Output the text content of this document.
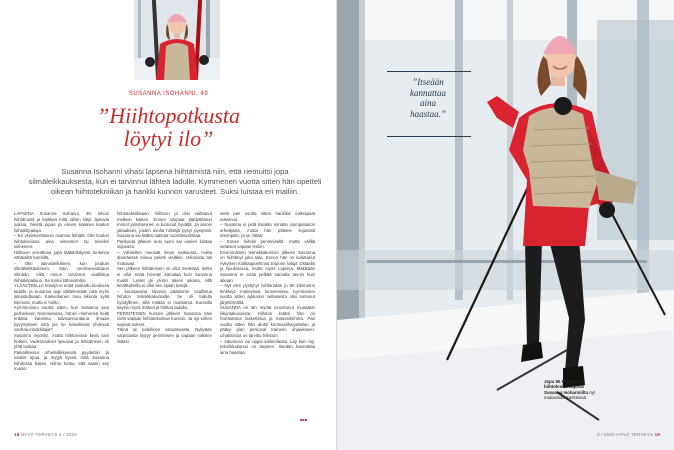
SUSANNA ISOHANNI, 49
”Hiihtopotkusta
löytyi ilo”
Susanna Isohanni vihasi lapsena hiihtämistä niin, että riemuitsi jopa silmäleikkauksesta, kun ei tarvinnut lähteä ladulle. Kymmenen vuotta sitten hän opetteli oikean hiihtotekniikan ja hankki kunnon varusteet. Suksi luistaa eri malliin.

LAPSENA Susanna Isohanni, 49, inhosi hiihtämistä ja kaikkea mitä siihen liittyi: lipsuvia suksia, hikistä pipoa ja ennen kaikkea koulun hiihtokilpailuja.

– En yksinkertaisesti osannut hiihtää. Olin koulun hiihtokisoissa aina viimeinen tai toiseksi viimeinen.

Hiihtoon verrattuna jopa lääkärikäynnit tuntuivat vähäisiltä harmilta.

– Olin ala-asteikäinen, kun jouduin silmäleikkaukseen. Sain merimiesvalopun silmään, eikä minun tarvinnut osallistua hiihtokilpailuun. Se tuntui lottovoitolta!

YLÄASTEELLA teinejä ei enää raahattu koulussa ladulle, ja Susanna oppi välttelemään niitä myös aikuistuttuaan. Kaikenlainen muu liikunta kyllä kiinnosti, mutta ei hiihto.

Kymmenisen vuotta sitten, kun Susanna asui perheineen Nummelassa, hänen miehensä heitti eräänä kauniina talvisunnuntaina ilmaan kysymyksen mitä jos he kokeilisivat yhdessä vanhaa inhokkilajia?

Susanna myöntyi, mutta hiihtoreissu kesti vain hetken. Vuokrasukset lipsuivat ja hiihtäminen oli yhtä tuskaa.

Paikallisessa urheiluliikkeessä pyydettiin ja saatiin apua, ja myyjä kyseli, mitä Susanna hiihdossa hakee. Hiihto tuntui, että saarin sey muoto.

hiihtotekniikkaan: hiihtoon ja olisi vaihtanut melkein kaiken. Ennen Varpaat jäädyttäneet monot jalostaminen ei tuntunut hyvältä. Ja arvoin jakaaksiin, joiden avulla hiihtäjä pysyi pystyssä. Susanna sai lisäksi saksaa suositusvalintaa.

Parikuuta jälkeen uusi tuoni sai uusien luistaa sujuvasti.

– Vähitellen menivät ilman makausta, mutta alamäessä minua pelotti vieläkin. Hiihdosta tuli mukavaa.

Sen jälkeen hiihtäminen on ollut mieleistä, hiihto ei ollut enää hirveän kamalaa kuin Susanna muisti. Lenkit jäi yli-iän talven aikana, sillä kevättalvella ei ollut sen sijaan kelejä.

– Seuraavana talvena päätimme osallistua hiihdon tekniikkakurssille. Se oli todella hyödyllinen, sillä mitään ei muistanut. Kurssilla käytiin myös mäkeä ja hiihtoa ladulla.

PERINTEISEN kurssin jälkeen Susanna kävi vielä vapaan hiihtotekniikan kurssin. Ja nyt siihen sopivat sukset.

Tämä se todellinen varustevaste. Nykyään varastoista löytyy perinteisen ja vapaan suksien lisäksi

vielä pari vuotta sitten hankitut votkrapaat suksevat.

– Susanna ei pidä itseään minään olympiatason urheilijana, mutta hän pääsee sujuvasti eteenpäin, ja se riittää.

– Ennen hiihdin perinteisellä, mutta välillä vetäisen vapaan lenkin.

Ensimmäisen tekniikkakurssin jälkeen Susanna on hiihtänyt joka talvi. Ennen hän on kuluttanut nykyisen kotikaupunkinsa Espoon latuja Oittaalla ja Nuuksiossa, mutta myös Lapissa. Mäkikään Susanna ei enää pelkää samalla tavoin kuin aikaan.

– Nyt olen pystynyt hiihtämään jo 50 kilometrin lenkkejä mukavissa tunnelmissa. Kymmenen vuotta sitten ajatuskin sellaisesta olisi tuntunut järjettömältä.

SUSANNA on iän myötä innostunut muistakin liikuntakuvioista. Hiihdon lisäksi hän on harrastanut laskettelua ja maastohiihtoa. Pari vuotta sitten hän aloitti kuntosaliharjoittelun ja päätyi pian personal trainerin ohjaukseen. Lihaksistoa on tarvittu hiihtoon.

– Aikuisena voi oppia kaikenlaista. Laji kuin laji, tekniikkakurssi on tarpeen. Itseään kannattaa aina haastaa.

■■■
18 HYVÄ TERVEYS 2 / 2020
”Itseään
kannattaa
aina
haastaa.”
Jopa 50 kilometrin hiihtolenkit sujuvat Susanna Isohanniilta nyt mukavissa merkeissä.
2 / 2020 HYVÄ TERVEYS 19
